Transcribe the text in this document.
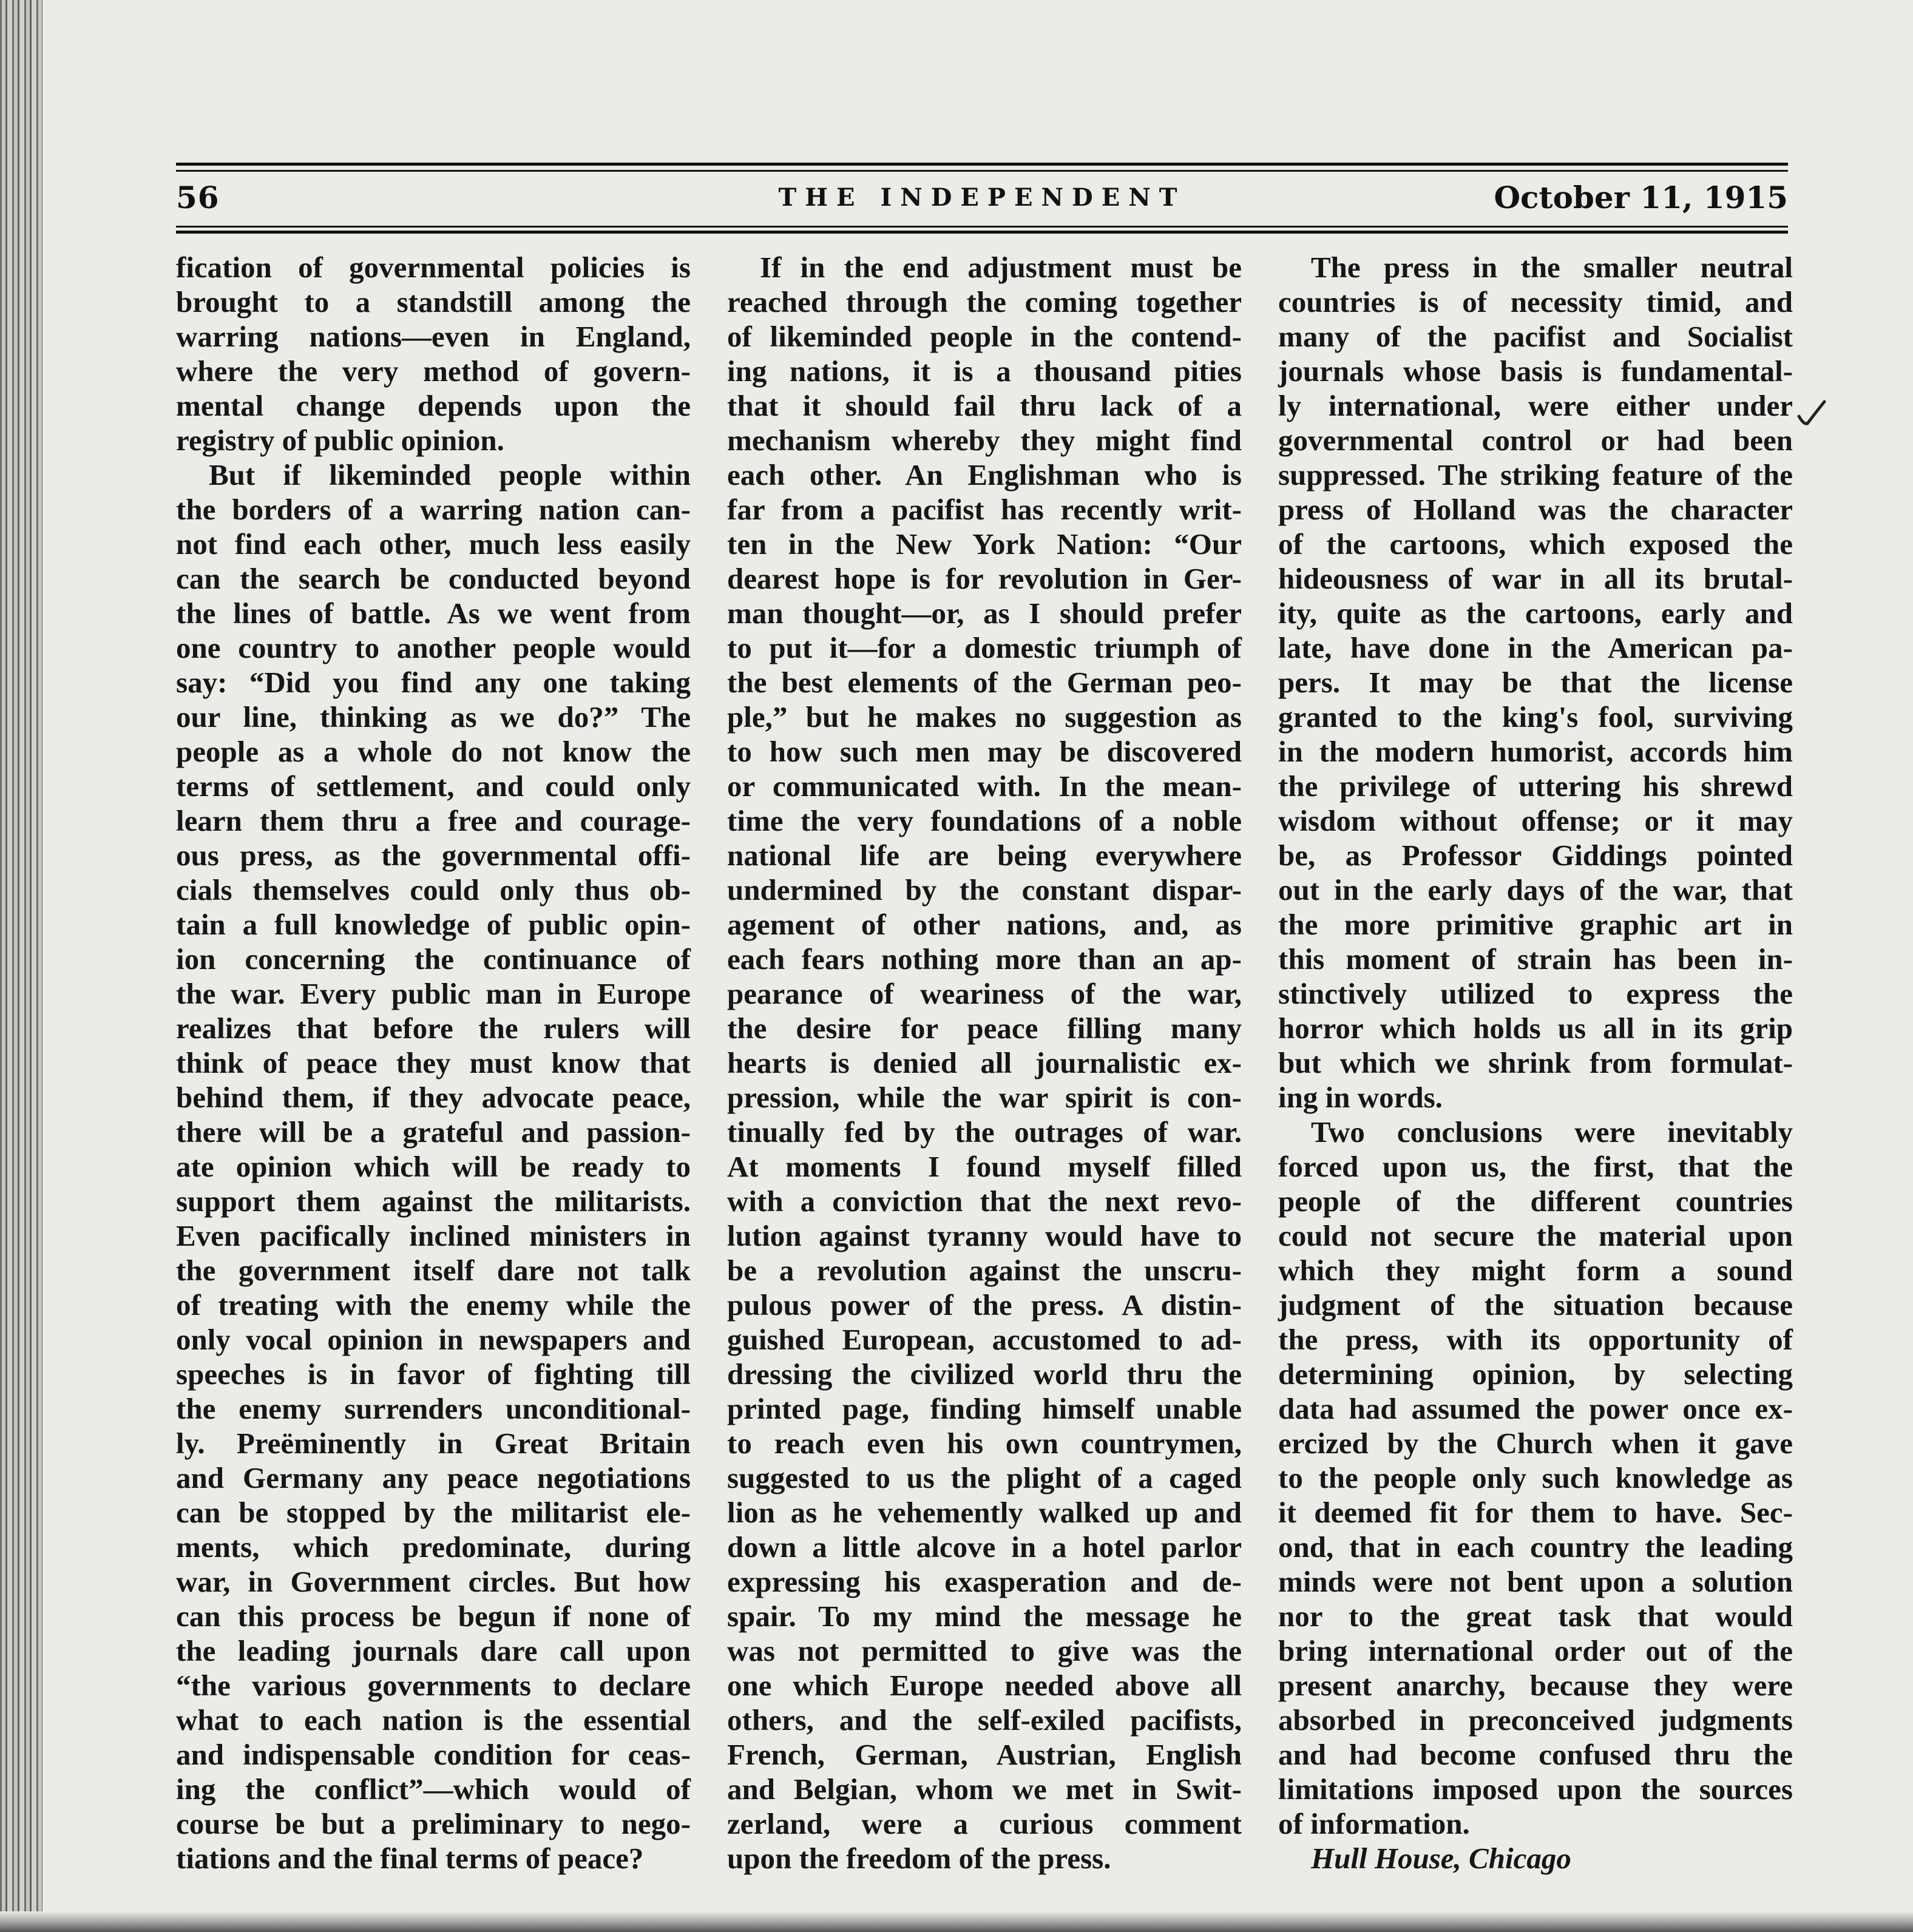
56	THE INDEPENDENT	October 11, 1915
fication of governmental policies is
brought to a standstill among the
warring nations—even in England,
where the very method of govern-
mental change depends upon the
registry of public opinion.
But if likeminded people within
the borders of a warring nation can-
not find each other, much less easily
can the search be conducted beyond
the lines of battle. As we went from
one country to another people would
say: “Did you find any one taking
our line, thinking as we do?” The
people as a whole do not know the
terms of settlement, and could only
learn them thru a free and courage-
ous press, as the governmental offi-
cials themselves could only thus ob-
tain a full knowledge of public opin-
ion concerning the continuance of
the war. Every public man in Europe
realizes that before the rulers will
think of peace they must know that
behind them, if they advocate peace,
there will be a grateful and passion-
ate opinion which will be ready to
support them against the militarists.
Even pacifically inclined ministers in
the government itself dare not talk
of treating with the enemy while the
only vocal opinion in newspapers and
speeches is in favor of fighting till
the enemy surrenders unconditional-
ly. Preëminently in Great Britain
and Germany any peace negotiations
can be stopped by the militarist ele-
ments, which predominate, during
war, in Government circles. But how
can this process be begun if none of
the leading journals dare call upon
“the various governments to declare
what to each nation is the essential
and indispensable condition for ceas-
ing the conflict”—which would of
course be but a preliminary to nego-
tiations and the final terms of peace?
If in the end adjustment must be
reached through the coming together
of likeminded people in the contend-
ing nations, it is a thousand pities
that it should fail thru lack of a
mechanism whereby they might find
each other. An Englishman who is
far from a pacifist has recently writ-
ten in the New York Nation: “Our
dearest hope is for revolution in Ger-
man thought—or, as I should prefer
to put it—for a domestic triumph of
the best elements of the German peo-
ple,” but he makes no suggestion as
to how such men may be discovered
or communicated with. In the mean-
time the very foundations of a noble
national life are being everywhere
undermined by the constant dispar-
agement of other nations, and, as
each fears nothing more than an ap-
pearance of weariness of the war,
the desire for peace filling many
hearts is denied all journalistic ex-
pression, while the war spirit is con-
tinually fed by the outrages of war.
At moments I found myself filled
with a conviction that the next revo-
lution against tyranny would have to
be a revolution against the unscru-
pulous power of the press. A distin-
guished European, accustomed to ad-
dressing the civilized world thru the
printed page, finding himself unable
to reach even his own countrymen,
suggested to us the plight of a caged
lion as he vehemently walked up and
down a little alcove in a hotel parlor
expressing his exasperation and de-
spair. To my mind the message he
was not permitted to give was the
one which Europe needed above all
others, and the self-exiled pacifists,
French, German, Austrian, English
and Belgian, whom we met in Swit-
zerland, were a curious comment
upon the freedom of the press.
The press in the smaller neutral
countries is of necessity timid, and
many of the pacifist and Socialist
journals whose basis is fundamental-
ly international, were either under
governmental control or had been
suppressed. The striking feature of the
press of Holland was the character
of the cartoons, which exposed the
hideousness of war in all its brutal-
ity, quite as the cartoons, early and
late, have done in the American pa-
pers. It may be that the license
granted to the king's fool, surviving
in the modern humorist, accords him
the privilege of uttering his shrewd
wisdom without offense; or it may
be, as Professor Giddings pointed
out in the early days of the war, that
the more primitive graphic art in
this moment of strain has been in-
stinctively utilized to express the
horror which holds us all in its grip
but which we shrink from formulat-
ing in words.
Two conclusions were inevitably
forced upon us, the first, that the
people of the different countries
could not secure the material upon
which they might form a sound
judgment of the situation because
the press, with its opportunity of
determining opinion, by selecting
data had assumed the power once ex-
ercized by the Church when it gave
to the people only such knowledge as
it deemed fit for them to have. Sec-
ond, that in each country the leading
minds were not bent upon a solution
nor to the great task that would
bring international order out of the
present anarchy, because they were
absorbed in preconceived judgments
and had become confused thru the
limitations imposed upon the sources
of information.
Hull House, Chicago
